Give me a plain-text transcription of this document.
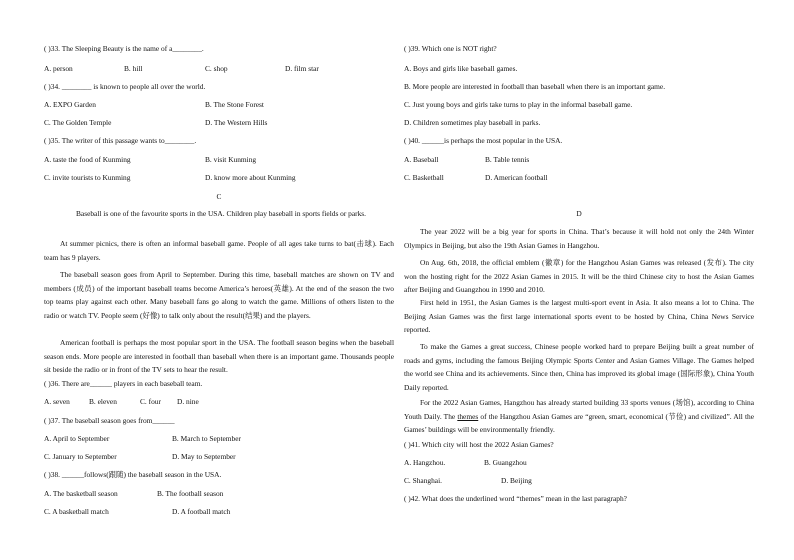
( )33. The Sleeping Beauty is the name of a________.
A. person	B. hill	C. shop	D. film star
( )34. ________ is known to people all over the world.
A. EXPO Garden	B. The Stone Forest
C. The Golden Temple	D. The Western Hills
( )35. The writer of this passage wants to________.
A. taste the food of Kunming	B. visit Kunming
C. invite tourists to Kunming	D. know more about Kunming
C
Baseball is one of the favourite sports in the USA. Children play baseball in sports fields or parks.
At summer picnics, there is often an informal baseball game. People of all ages take turns to bat(击球). Each team has 9 players.
The baseball season goes from April to September. During this time, baseball matches are shown on TV and members (成员) of the important baseball teams become America’s heroes(英雄). At the end of the season the two top teams play against each other. Many baseball fans go along to watch the game. Millions of others listen to the radio or watch TV. People seem (好像) to talk only about the result(结果) and the players.
American football is perhaps the most popular sport in the USA. The football season begins when the baseball season ends. More people are interested in football than baseball when there is an important game. Thousands people sit beside the radio or in front of the TV sets to hear the result.
( )36. There are______ players in each baseball team.
A. seven	B. eleven	C. four D. nine
( )37. The baseball season goes from______
A. April to September	B. March to September
C. January to September	D. May to September
( )38. ______follows(跟随) the baseball season in the USA.
A. The basketball season	B. The football season
C. A basketball match	D. A football match
( )39. Which one is NOT right?
A. Boys and girls like baseball games.
B. More people are interested in football than baseball when there is an important game.
C. Just young boys and girls take turns to play in the informal baseball game.
D. Children sometimes play baseball in parks.
( )40. ______is perhaps the most popular in the USA.
A. Baseball	B. Table tennis
C. Basketball	D. American football
D
The year 2022 will be a big year for sports in China. That’s because it will hold not only the 24th Winter Olympics in Beijing, but also the 19th Asian Games in Hangzhou.
On Aug. 6th, 2018, the official emblem (徽章) for the Hangzhou Asian Games was released (发布). The city won the hosting right for the 2022 Asian Games in 2015. It will be the third Chinese city to host the Asian Games after Beijing and Guangzhou in 1990 and 2010.
First held in 1951, the Asian Games is the largest multi-sport event in Asia. It also means a lot to China. The Beijing Asian Games was the first large international sports event to be hosted by China, China News Service reported.
To make the Games a great success, Chinese people worked hard to prepare Beijing built a great number of roads and gyms, including the famous Beijing Olympic Sports Center and Asian Games Village. The Games helped the world see China and its achievements. Since then, China has improved its global image (国际形象), China Youth Daily reported.
For the 2022 Asian Games, Hangzhou has already started building 33 sports venues (场馆), according to China Youth Daily. The themes of the Hangzhou Asian Games are “green, smart, economical (节俭) and civilized”. All the Games’ buildings will be environmentally friendly.
( )41. Which city will host the 2022 Asian Games?
A. Hangzhou.	B. Guangzhou
C. Shanghai.	D. Beijing
( )42. What does the underlined word “themes” mean in the last paragraph?
